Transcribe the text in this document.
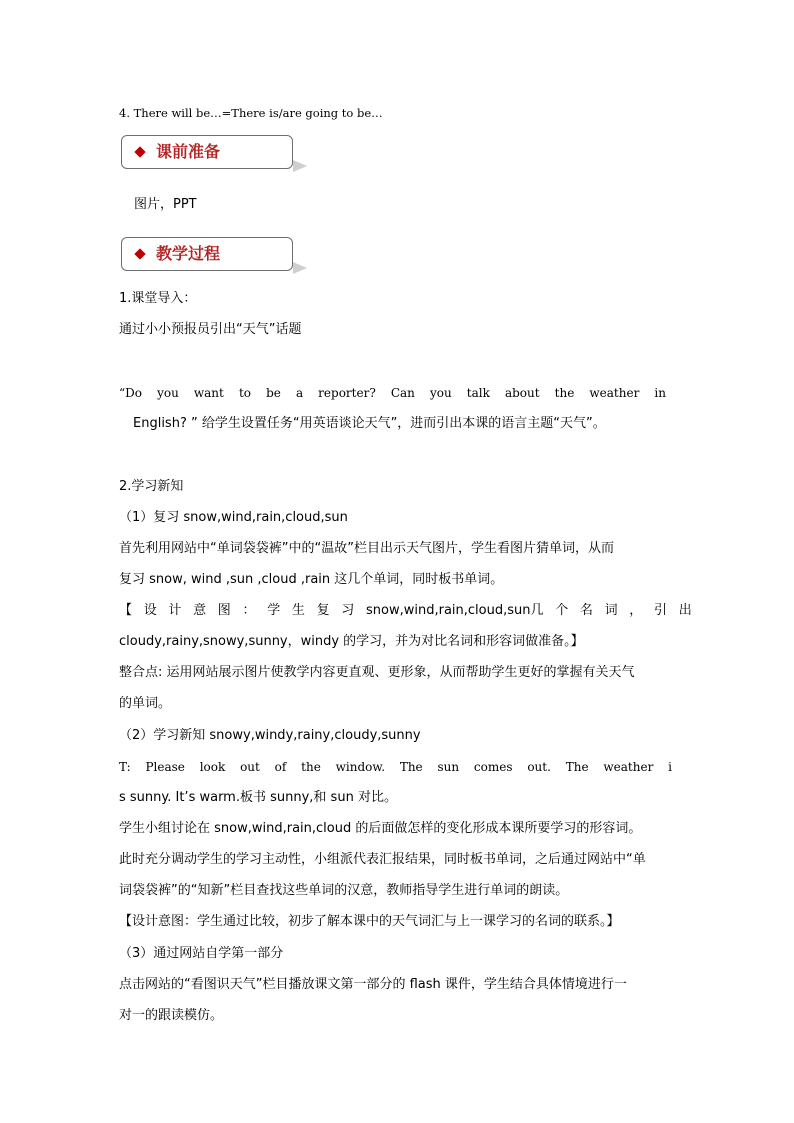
4. There will be…=There is/are going to be…
课前准备
图片，PPT
教学过程
1.课堂导入：
通过小小预报员引出“天气”话题
“Do you want to be a reporter? Can you talk about the weather in
English? ” 给学生设置任务“用英语谈论天气”，进而引出本课的语言主题“天气”。
2.学习新知
（1）复习 snow,wind,rain,cloud,sun
首先利用网站中“单词袋袋裤”中的“温故”栏目出示天气图片，学生看图片猜单词，从而
复习 snow, wind ,sun ,cloud ,rain 这几个单词，同时板书单词。
【设计意图：学生复习 snow,wind,rain,cloud,sun 几个名词，引出
cloudy,rainy,snowy,sunny，windy 的学习，并为对比名词和形容词做准备。】
整合点: 运用网站展示图片使教学内容更直观、更形象，从而帮助学生更好的掌握有关天气
的单词。
（2）学习新知 snowy,windy,rainy,cloudy,sunny
T: Please look out of the window. The sun comes out. The weather i
s sunny. It’s warm.板书 sunny,和 sun 对比。
学生小组讨论在 snow,wind,rain,cloud 的后面做怎样的变化形成本课所要学习的形容词。
此时充分调动学生的学习主动性，小组派代表汇报结果，同时板书单词，之后通过网站中“单
词袋袋裤”的“知新”栏目查找这些单词的汉意，教师指导学生进行单词的朗读。
【设计意图：学生通过比较，初步了解本课中的天气词汇与上一课学习的名词的联系。】
（3）通过网站自学第一部分
点击网站的“看图识天气”栏目播放课文第一部分的 flash 课件，学生结合具体情境进行一
对一的跟读模仿。
